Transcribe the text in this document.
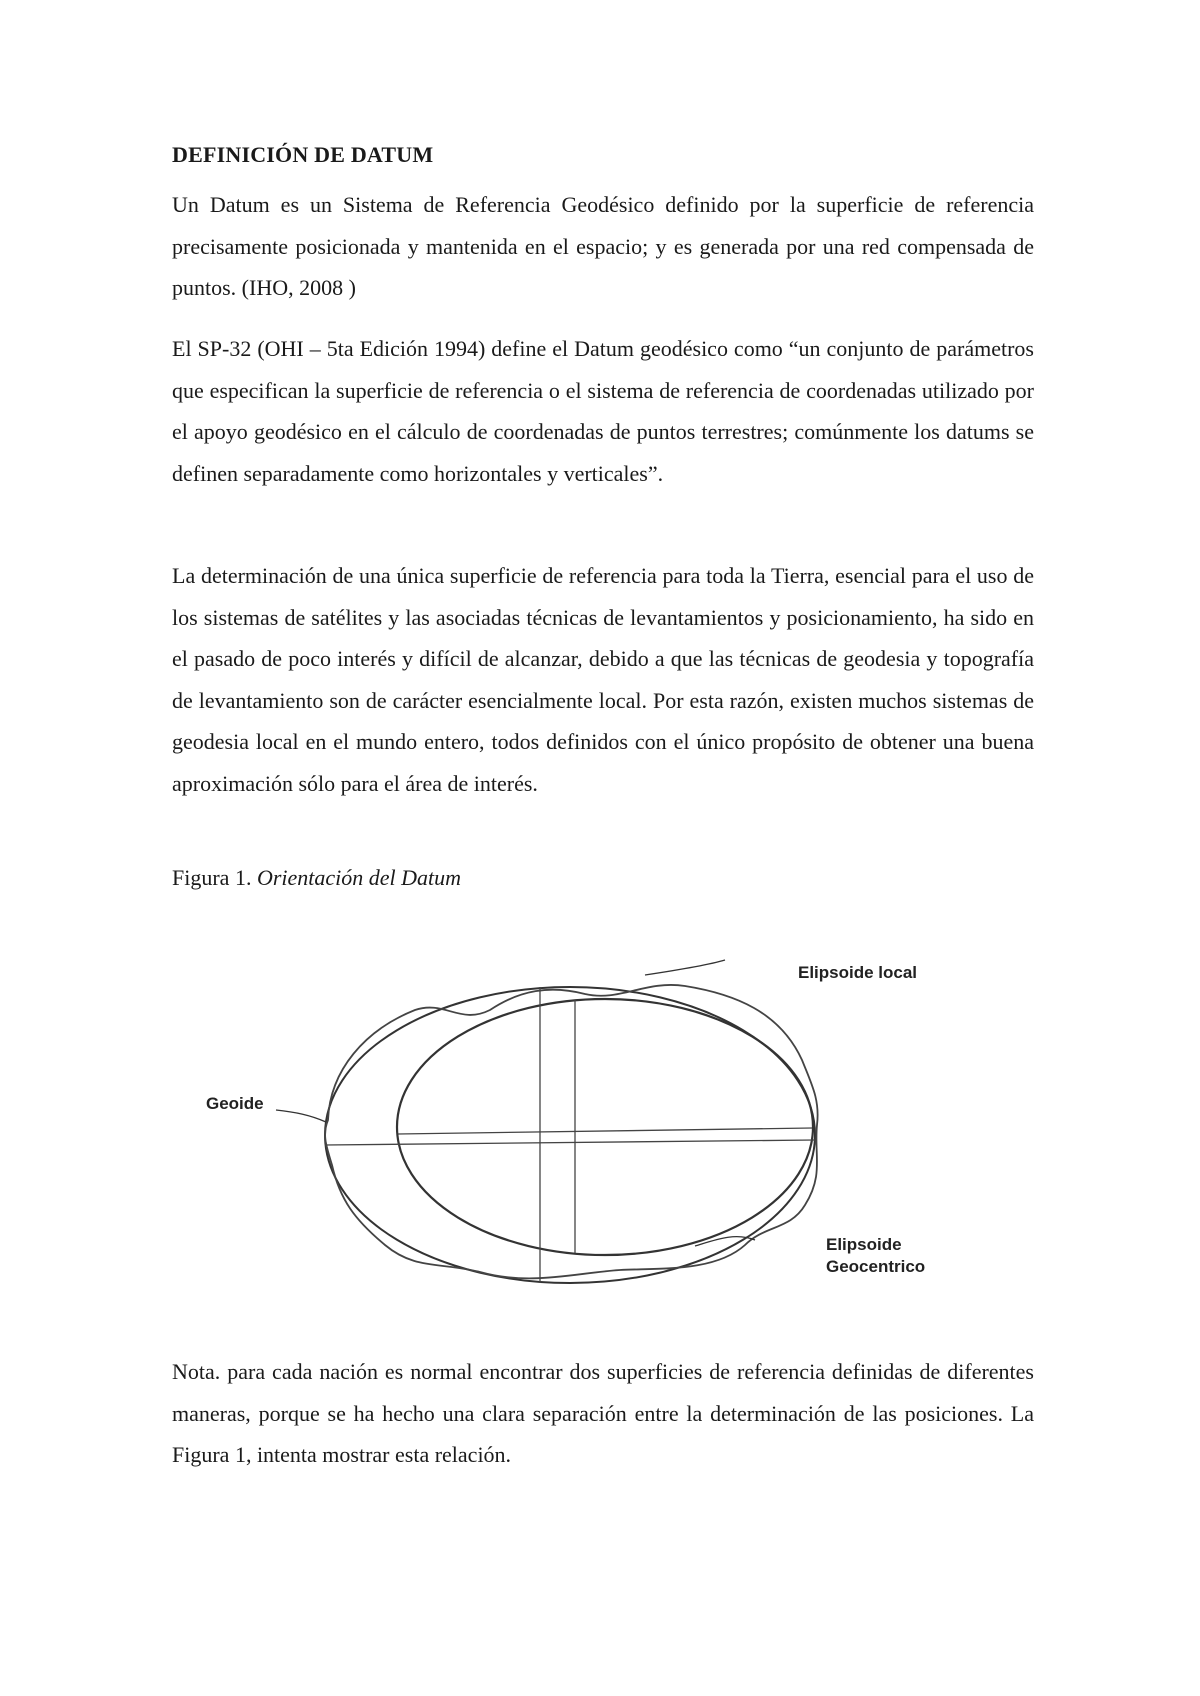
DEFINICIÓN DE DATUM
Un Datum es un Sistema de Referencia Geodésico definido por la superficie de referencia precisamente posicionada y mantenida en el espacio; y es generada por una red compensada de puntos. (IHO, 2008 )
El SP-32 (OHI – 5ta Edición 1994) define el Datum geodésico como “un conjunto de parámetros que especifican la superficie de referencia o el sistema de referencia de coordenadas utilizado por el apoyo geodésico en el cálculo de coordenadas de puntos terrestres; comúnmente los datums se definen separadamente como horizontales y verticales”.
La determinación de una única superficie de referencia para toda la Tierra, esencial para el uso de los sistemas de satélites y las asociadas técnicas de levantamientos y posicionamiento, ha sido en el pasado de poco interés y difícil de alcanzar, debido a que las técnicas de geodesia y topografía de levantamiento son de carácter esencialmente local. Por esta razón, existen muchos sistemas de geodesia local en el mundo entero, todos definidos con el único propósito de obtener una buena aproximación sólo para el área de interés.
Figura 1. Orientación del Datum
Elipsoide local
Geoide
Elipsoide
Geocentrico
Nota. para cada nación es normal encontrar dos superficies de referencia definidas de diferentes maneras, porque se ha hecho una clara separación entre la determinación de las posiciones. La Figura 1, intenta mostrar esta relación.
